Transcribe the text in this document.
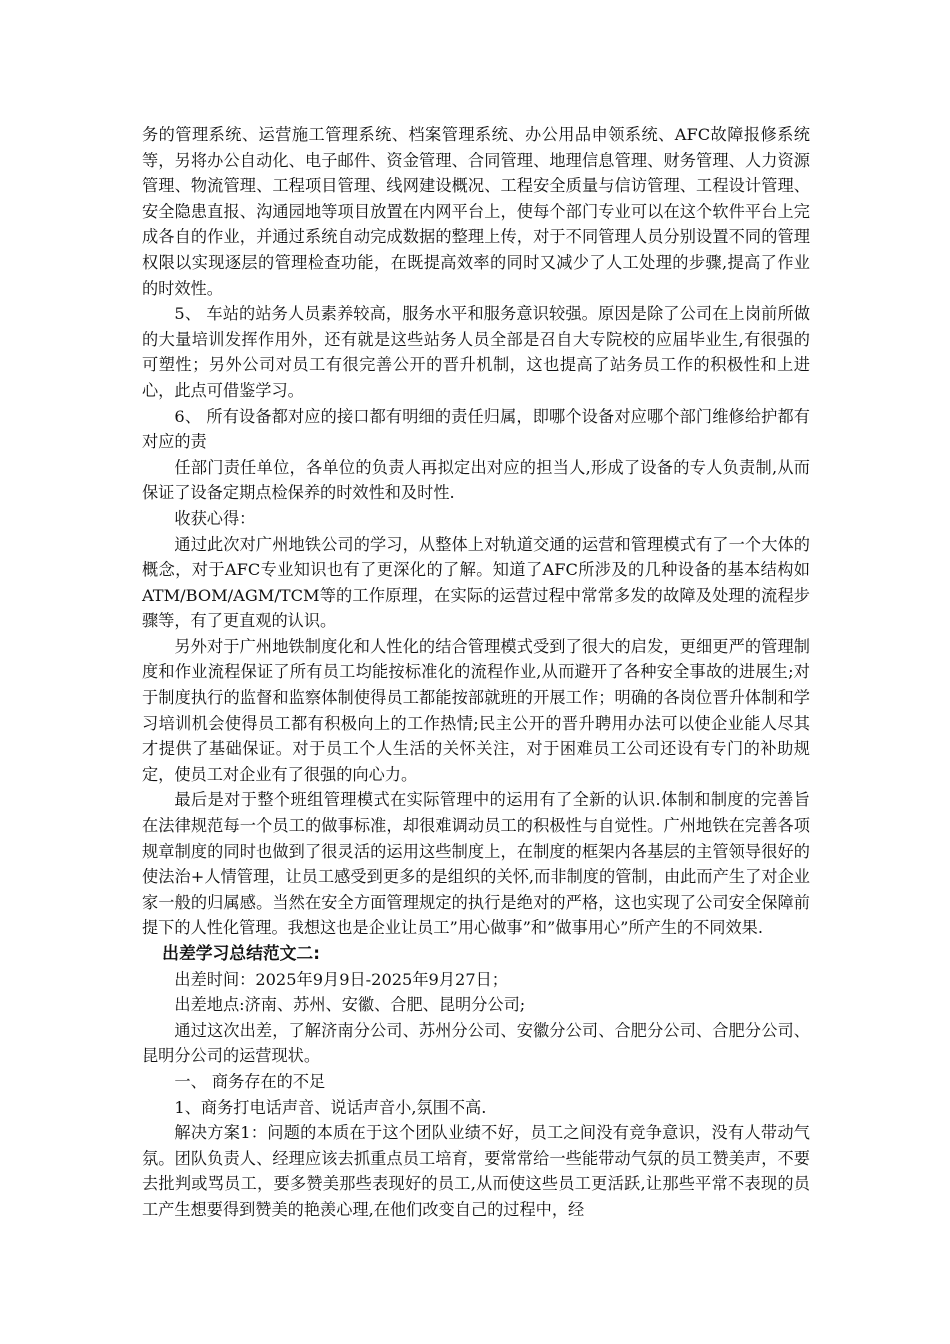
务的管理系统、运营施工管理系统、档案管理系统、办公用品申领系统、AFC故障报修系统等，另将办公自动化、电子邮件、资金管理、合同管理、地理信息管理、财务管理、人力资源管理、物流管理、工程项目管理、线网建设概况、工程安全质量与信访管理、工程设计管理、安全隐患直报、沟通园地等项目放置在内网平台上，使每个部门专业可以在这个软件平台上完成各自的作业，并通过系统自动完成数据的整理上传，对于不同管理人员分别设置不同的管理权限以实现逐层的管理检查功能，在既提高效率的同时又减少了人工处理的步骤,提高了作业的时效性。

5、 车站的站务人员素养较高，服务水平和服务意识较强。原因是除了公司在上岗前所做的大量培训发挥作用外，还有就是这些站务人员全部是召自大专院校的应届毕业生,有很强的可塑性；另外公司对员工有很完善公开的晋升机制，这也提高了站务员工作的积极性和上进心，此点可借鉴学习。

6、 所有设备都对应的接口都有明细的责任归属，即哪个设备对应哪个部门维修给护都有对应的责

任部门责任单位，各单位的负责人再拟定出对应的担当人,形成了设备的专人负责制,从而保证了设备定期点检保养的时效性和及时性.

收获心得：

通过此次对广州地铁公司的学习，从整体上对轨道交通的运营和管理模式有了一个大体的概念，对于AFC专业知识也有了更深化的了解。知道了AFC所涉及的几种设备的基本结构如ATM/BOM/AGM/TCM等的工作原理，在实际的运营过程中常常多发的故障及处理的流程步骤等，有了更直观的认识。

另外对于广州地铁制度化和人性化的结合管理模式受到了很大的启发，更细更严的管理制度和作业流程保证了所有员工均能按标准化的流程作业,从而避开了各种安全事故的进展生;对于制度执行的监督和监察体制使得员工都能按部就班的开展工作；明确的各岗位晋升体制和学习培训机会使得员工都有积极向上的工作热情;民主公开的晋升聘用办法可以使企业能人尽其才提供了基础保证。对于员工个人生活的关怀关注，对于困难员工公司还设有专门的补助规定，使员工对企业有了很强的向心力。

最后是对于整个班组管理模式在实际管理中的运用有了全新的认识.体制和制度的完善旨在法律规范每一个员工的做事标准，却很难调动员工的积极性与自觉性。广州地铁在完善各项规章制度的同时也做到了很灵活的运用这些制度上，在制度的框架内各基层的主管领导很好的使法治+人情管理，让员工感受到更多的是组织的关怀,而非制度的管制，由此而产生了对企业家一般的归属感。当然在安全方面管理规定的执行是绝对的严格，这也实现了公司安全保障前提下的人性化管理。我想这也是企业让员工”用心做事”和”做事用心”所产生的不同效果.

出差学习总结范文二:

出差时间：2025年9月9日-2025年9月27日；

出差地点:济南、苏州、安徽、合肥、昆明分公司;

通过这次出差，了解济南分公司、苏州分公司、安徽分公司、合肥分公司、合肥分公司、昆明分公司的运营现状。

一、 商务存在的不足

1、商务打电话声音、说话声音小,氛围不高.

解决方案1：问题的本质在于这个团队业绩不好，员工之间没有竞争意识，没有人带动气氛。团队负责人、经理应该去抓重点员工培育，要常常给一些能带动气氛的员工赞美声，不要去批判或骂员工，要多赞美那些表现好的员工,从而使这些员工更活跃,让那些平常不表现的员工产生想要得到赞美的艳羡心理,在他们改变自己的过程中，经
